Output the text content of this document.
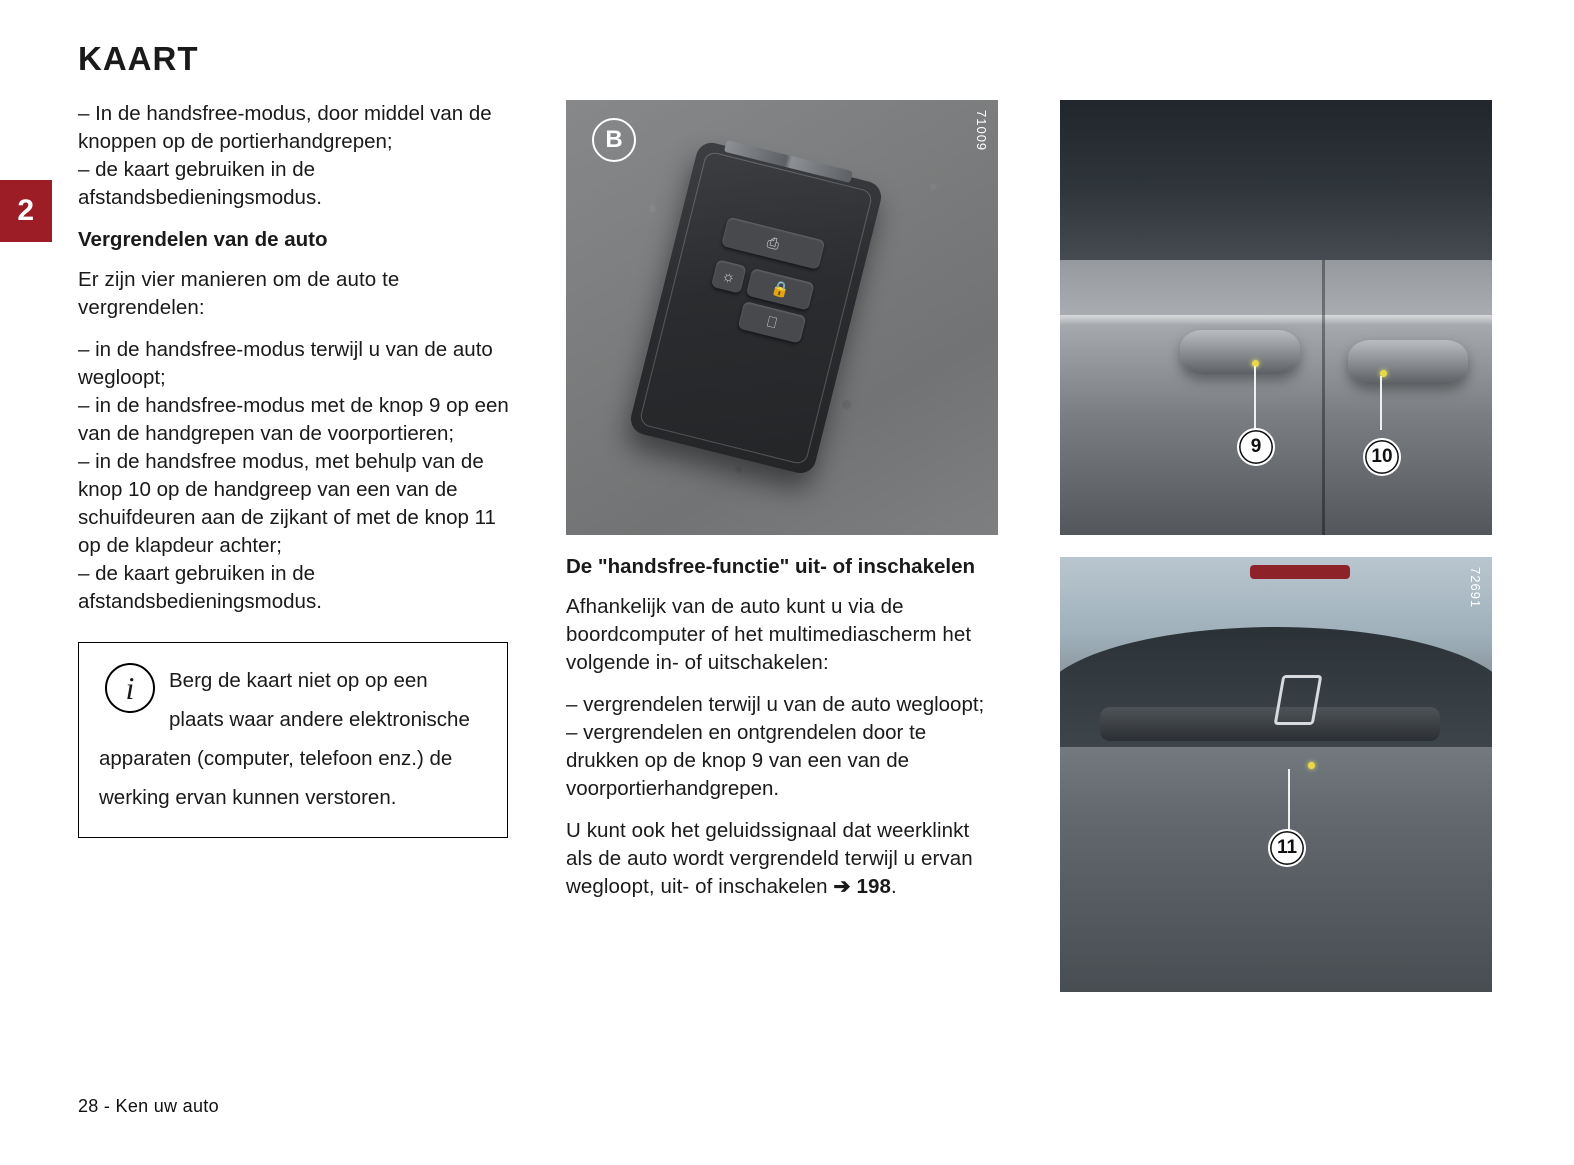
2
KAART

– In de handsfree-modus, door middel van de knoppen op de portierhandgrepen;

– de kaart gebruiken in de afstandsbedieningsmodus.

Vergrendelen van de auto

Er zijn vier manieren om de auto te vergrendelen:

– in de handsfree-modus terwijl u van de auto wegloopt;

– in de handsfree-modus met de knop 9 op een van de handgrepen van de voorportieren;

– in de handsfree modus, met behulp van de knop 10 op de handgreep van een van de schuifdeuren aan de zijkant of met de knop 11 op de klapdeur achter;

– de kaart gebruiken in de afstandsbedieningsmodus.

i	Berg de kaart niet op op een plaats waar andere elektronische apparaten (computer, telefoon enz.) de werking ervan kunnen verstoren.
B	71009
⎙
☼
🔒
⎕
De "handsfree-functie" uit- of inschakelen

Afhankelijk van de auto kunt u via de boordcomputer of het multimediascherm het volgende in- of uitschakelen:

– vergrendelen terwijl u van de auto wegloopt;

– vergrendelen en ontgrendelen door te drukken op de knop 9 van een van de voorportierhandgrepen.

U kunt ook het geluidssignaal dat weerklinkt als de auto wordt vergrendeld terwijl u ervan wegloopt, uit- of inschakelen ➔ 198.

9	10
72691
11
28 - Ken uw auto
